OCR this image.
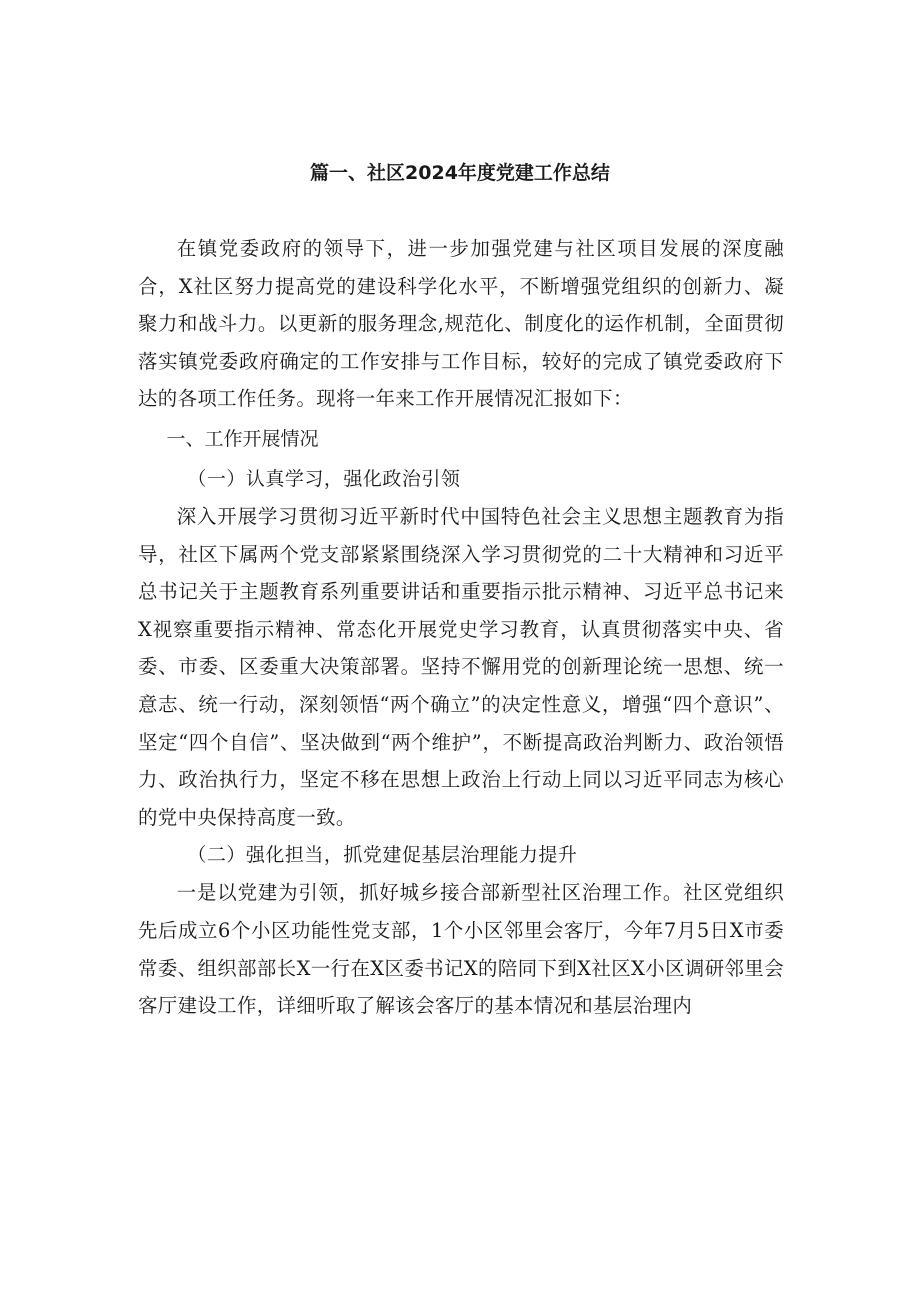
篇一、社区2024年度党建工作总结

在镇党委政府的领导下，进一步加强党建与社区项目发展的深度融合，X社区努力提高党的建设科学化水平，不断增强党组织的创新力、凝聚力和战斗力。以更新的服务理念,规范化、制度化的运作机制，全面贯彻落实镇党委政府确定的工作安排与工作目标，较好的完成了镇党委政府下达的各项工作任务。现将一年来工作开展情况汇报如下：

一、工作开展情况

（一）认真学习，强化政治引领

深入开展学习贯彻习近平新时代中国特色社会主义思想主题教育为指导，社区下属两个党支部紧紧围绕深入学习贯彻党的二十大精神和习近平总书记关于主题教育系列重要讲话和重要指示批示精神、习近平总书记来X视察重要指示精神、常态化开展党史学习教育，认真贯彻落实中央、省委、市委、区委重大决策部署。坚持不懈用党的创新理论统一思想、统一意志、统一行动，深刻领悟“两个确立”的决定性意义，增强“四个意识”、坚定“四个自信”、坚决做到“两个维护”，不断提高政治判断力、政治领悟力、政治执行力，坚定不移在思想上政治上行动上同以习近平同志为核心的党中央保持高度一致。

（二）强化担当，抓党建促基层治理能力提升

一是以党建为引领，抓好城乡接合部新型社区治理工作。社区党组织先后成立6个小区功能性党支部，1个小区邻里会客厅，今年7月5日X市委常委、组织部部长X一行在X区委书记X的陪同下到X社区X小区调研邻里会客厅建设工作，详细听取了解该会客厅的基本情况和基层治理内
